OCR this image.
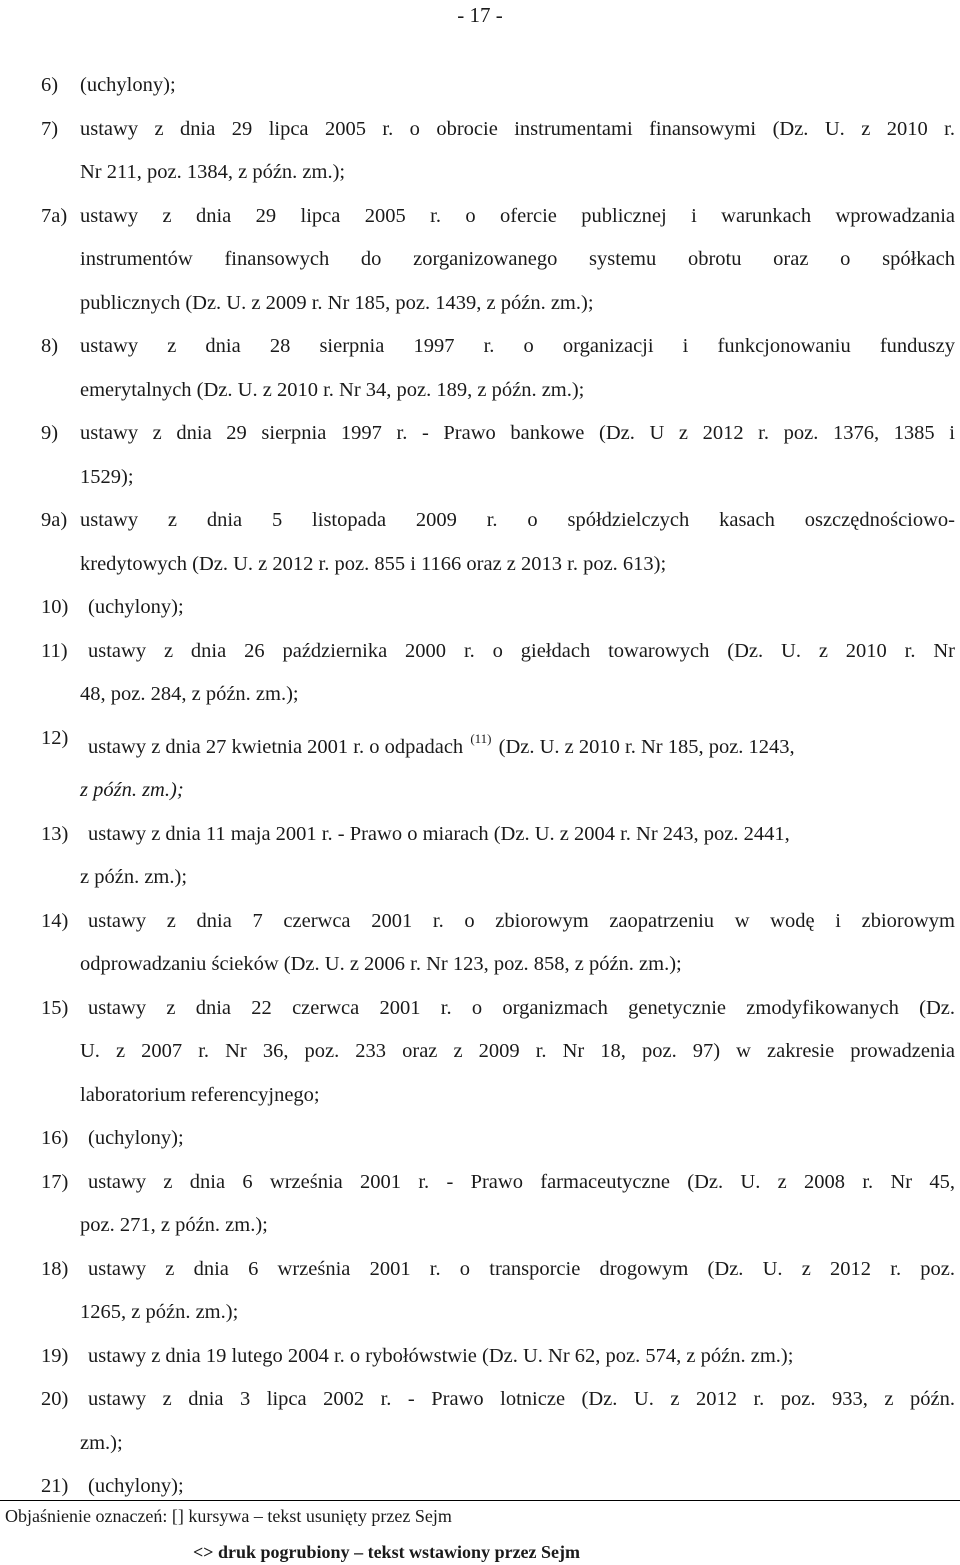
- 17 -
6)	(uchylony);
7)	ustawy z dnia 29 lipca 2005 r. o obrocie instrumentami finansowymi (Dz. U. z 2010 r.
Nr 211, poz. 1384, z późn. zm.);
7a) ustawy z dnia 29 lipca 2005 r. o ofercie publicznej i warunkach wprowadzania
instrumentów finansowych do zorganizowanego systemu obrotu oraz o spółkach
publicznych (Dz. U. z 2009 r. Nr 185, poz. 1439, z późn. zm.);
8)	ustawy z dnia 28 sierpnia 1997 r. o organizacji i funkcjonowaniu funduszy
emerytalnych (Dz. U. z 2010 r. Nr 34, poz. 189, z późn. zm.);
9)	ustawy z dnia 29 sierpnia 1997 r. - Prawo bankowe (Dz. U z 2012 r. poz. 1376, 1385 i
1529);
9a) ustawy z dnia 5 listopada 2009 r. o spółdzielczych kasach oszczędnościowo-
kredytowych (Dz. U. z 2012 r. poz. 855 i 1166 oraz z 2013 r. poz. 613);
10) (uchylony);
11) ustawy z dnia 26 października 2000 r. o giełdach towarowych (Dz. U. z 2010 r. Nr
48, poz. 284, z późn. zm.);
12) ustawy z dnia 27 kwietnia 2001 r. o odpadach $^{(11)}$ (Dz. U. z 2010 r. Nr 185, poz. 1243,
z późn. zm.);
13) ustawy z dnia 11 maja 2001 r. - Prawo o miarach (Dz. U. z 2004 r. Nr 243, poz. 2441,
z późn. zm.);
14) ustawy z dnia 7 czerwca 2001 r. o zbiorowym zaopatrzeniu w wodę i zbiorowym
odprowadzaniu ścieków (Dz. U. z 2006 r. Nr 123, poz. 858, z późn. zm.);
15) ustawy z dnia 22 czerwca 2001 r. o organizmach genetycznie zmodyfikowanych (Dz.
U. z 2007 r. Nr 36, poz. 233 oraz z 2009 r. Nr 18, poz. 97) w zakresie prowadzenia
laboratorium referencyjnego;
16) (uchylony);
17) ustawy z dnia 6 września 2001 r. - Prawo farmaceutyczne (Dz. U. z 2008 r. Nr 45,
poz. 271, z późn. zm.);
18) ustawy z dnia 6 września 2001 r. o transporcie drogowym (Dz. U. z 2012 r. poz.
1265, z późn. zm.);
19) ustawy z dnia 19 lutego 2004 r. o rybołówstwie (Dz. U. Nr 62, poz. 574, z późn. zm.);
20) ustawy z dnia 3 lipca 2002 r. - Prawo lotnicze (Dz. U. z 2012 r. poz. 933, z późn.
zm.);
21) (uchylony);
Objaśnienie oznaczeń: [] kursywa – tekst usunięty przez Sejm
<> druk pogrubiony – tekst wstawiony przez Sejm
